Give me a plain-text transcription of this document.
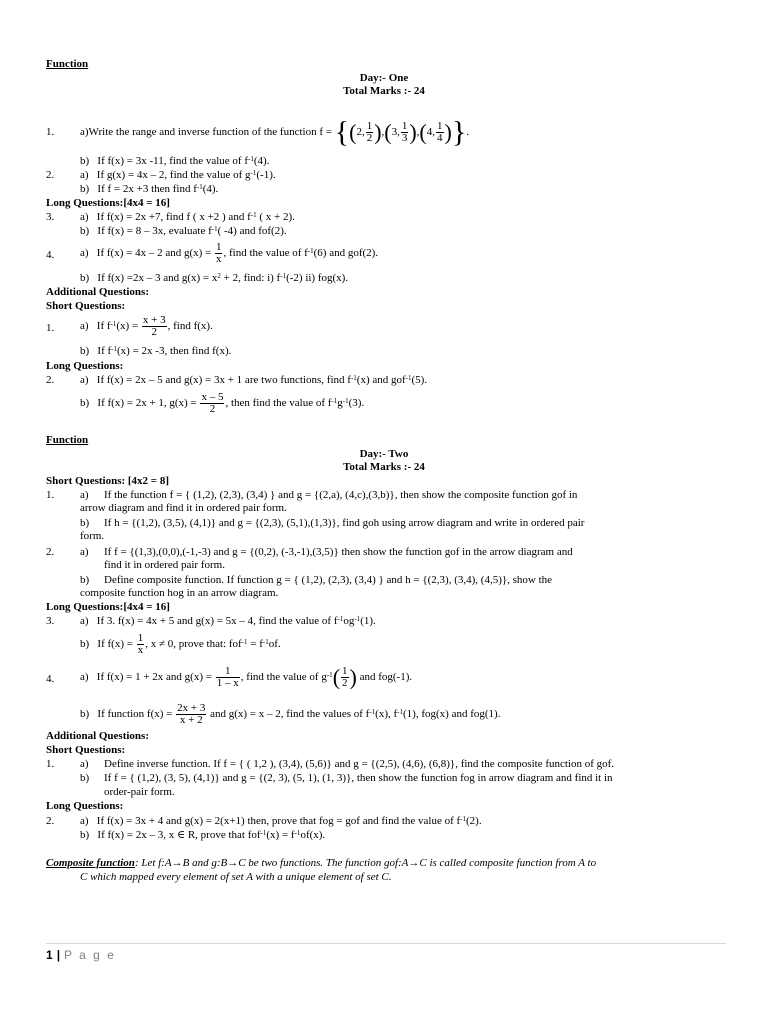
Function
Day:- One
Total Marks :- 24
1. a)Write the range and inverse function of the function f = {(2, $\frac{1}{2} ),(3$, $\frac{1}{3} ),(4$, $\frac{1}{4}$ )}.
b) If f(x) = 3x -11, find the value of $f^{-1}(4)$.
2. a) If g(x) = 4x – 2, find the value of $g^{-1}(-1)$.
b) If f = 2x +3 then find $f^{-1}(4)$.
Long Questions:[4x4 = 16]
3. a) If f(x) = 2x +7, find f ( x +2 ) and $f^{-1}$ ( x + 2).
b) If f(x) = 8 – 3x, evaluate $f^{-1}$( -4) and fof(2).
4. a) If f(x) = 4x – 2 and $g(x) = \frac{1}{x}$ , find the value of $f^{-1}(6)$ and gof(2).
b) If f(x) =2x – 3 and $g(x) = x^2 + 2$, find: i) $f^{-1}(-2)$ ii) fog(x).
Additional Questions:
Short Questions:
1. a) If $f^{-1}(x) = \frac{x + 3}{2}$ , find f(x).
b) If $f^{-1}(x) = 2x$ -3, then find f(x).
Long Questions:
2. a) If f(x) = 2x – 5 and g(x) = 3x + 1 are two functions, find $f^{-1}(x)$ and gof$^{-1}$(5).
b) If f(x) = 2x + 1, $g(x) = \frac{x - 5}{2}$ , then find the value of $f^{-1}g^{-1}(3)$.
Function
Day:- Two
Total Marks :- 24
Short Questions: [4x2 = 8]
1. a) If the function f = { (1,2), (2,3), (3,4) } and g = {(2,a), (4,c),(3,b)}, then show the composite function gof in
arrow diagram and find it in ordered pair form.
b) If h = {(1,2), (3,5), (4,1)} and g = {(2,3), (5,1),(1,3)}, find goh using arrow diagram and write in ordered pair
form.
2. a) If f = {(1,3),(0,0),(-1,-3) and g = {(0,2), (-3,-1),(3,5)} then show the function gof in the arrow diagram and
find it in ordered pair form.
b) Define composite function. If function g = { (1,2), (2,3), (3,4) } and h = {(2,3), (3,4), (4,5)}, show the
composite function hog in an arrow diagram.
Long Questions:[4x4 = 16]
3. a) If 3. f(x) = 4x + 5 and g(x) = 5x – 4, find the value of $f^{-1}og^{-1}(1)$.
b) If $f(x) = \frac{1}{x}$ , x ≠ 0, prove that: $fof^{-1} = f^{-1}of$.
4. a) If f(x) = 1 + 2x and $g(x) = \frac{1}{1 - x}$ , find the value of $g^{-1}( \frac{1}{2}$ ) and fog(-1).
b) If function $f(x) = \frac{2x + 3}{x + 2}$ and g(x) = x – 2, find the values of $f^{-1}(x)$, $f^{-1}(1)$, fog(x) and fog(1).
Additional Questions:
Short Questions:
1. a) Define inverse function. If f = { ( 1,2 ), (3,4), (5,6)} and g = {(2,5), (4,6), (6,8)}, find the composite function of gof.
b) If f = { (1,2), (3, 5), (4,1)} and g = {(2, 3), (5, 1), (1, 3)}, then show the function fog in arrow diagram and find it in
order-pair form.
Long Questions:
2. a) If f(x) = 3x + 4 and g(x) = 2(x+1) then, prove that fog = gof and find the value of $f^{-1}(2)$.
b) If f(x) = 2x – 3, x ∈ R, prove that $fof^{-1}(x) = f^{-1}of(x)$.
Composite function: Let f:A→B and g:B→C be two functions. The function gof:A→C is called composite function from A to
C which mapped every element of set A with a unique element of set C.
1 | P a g e
